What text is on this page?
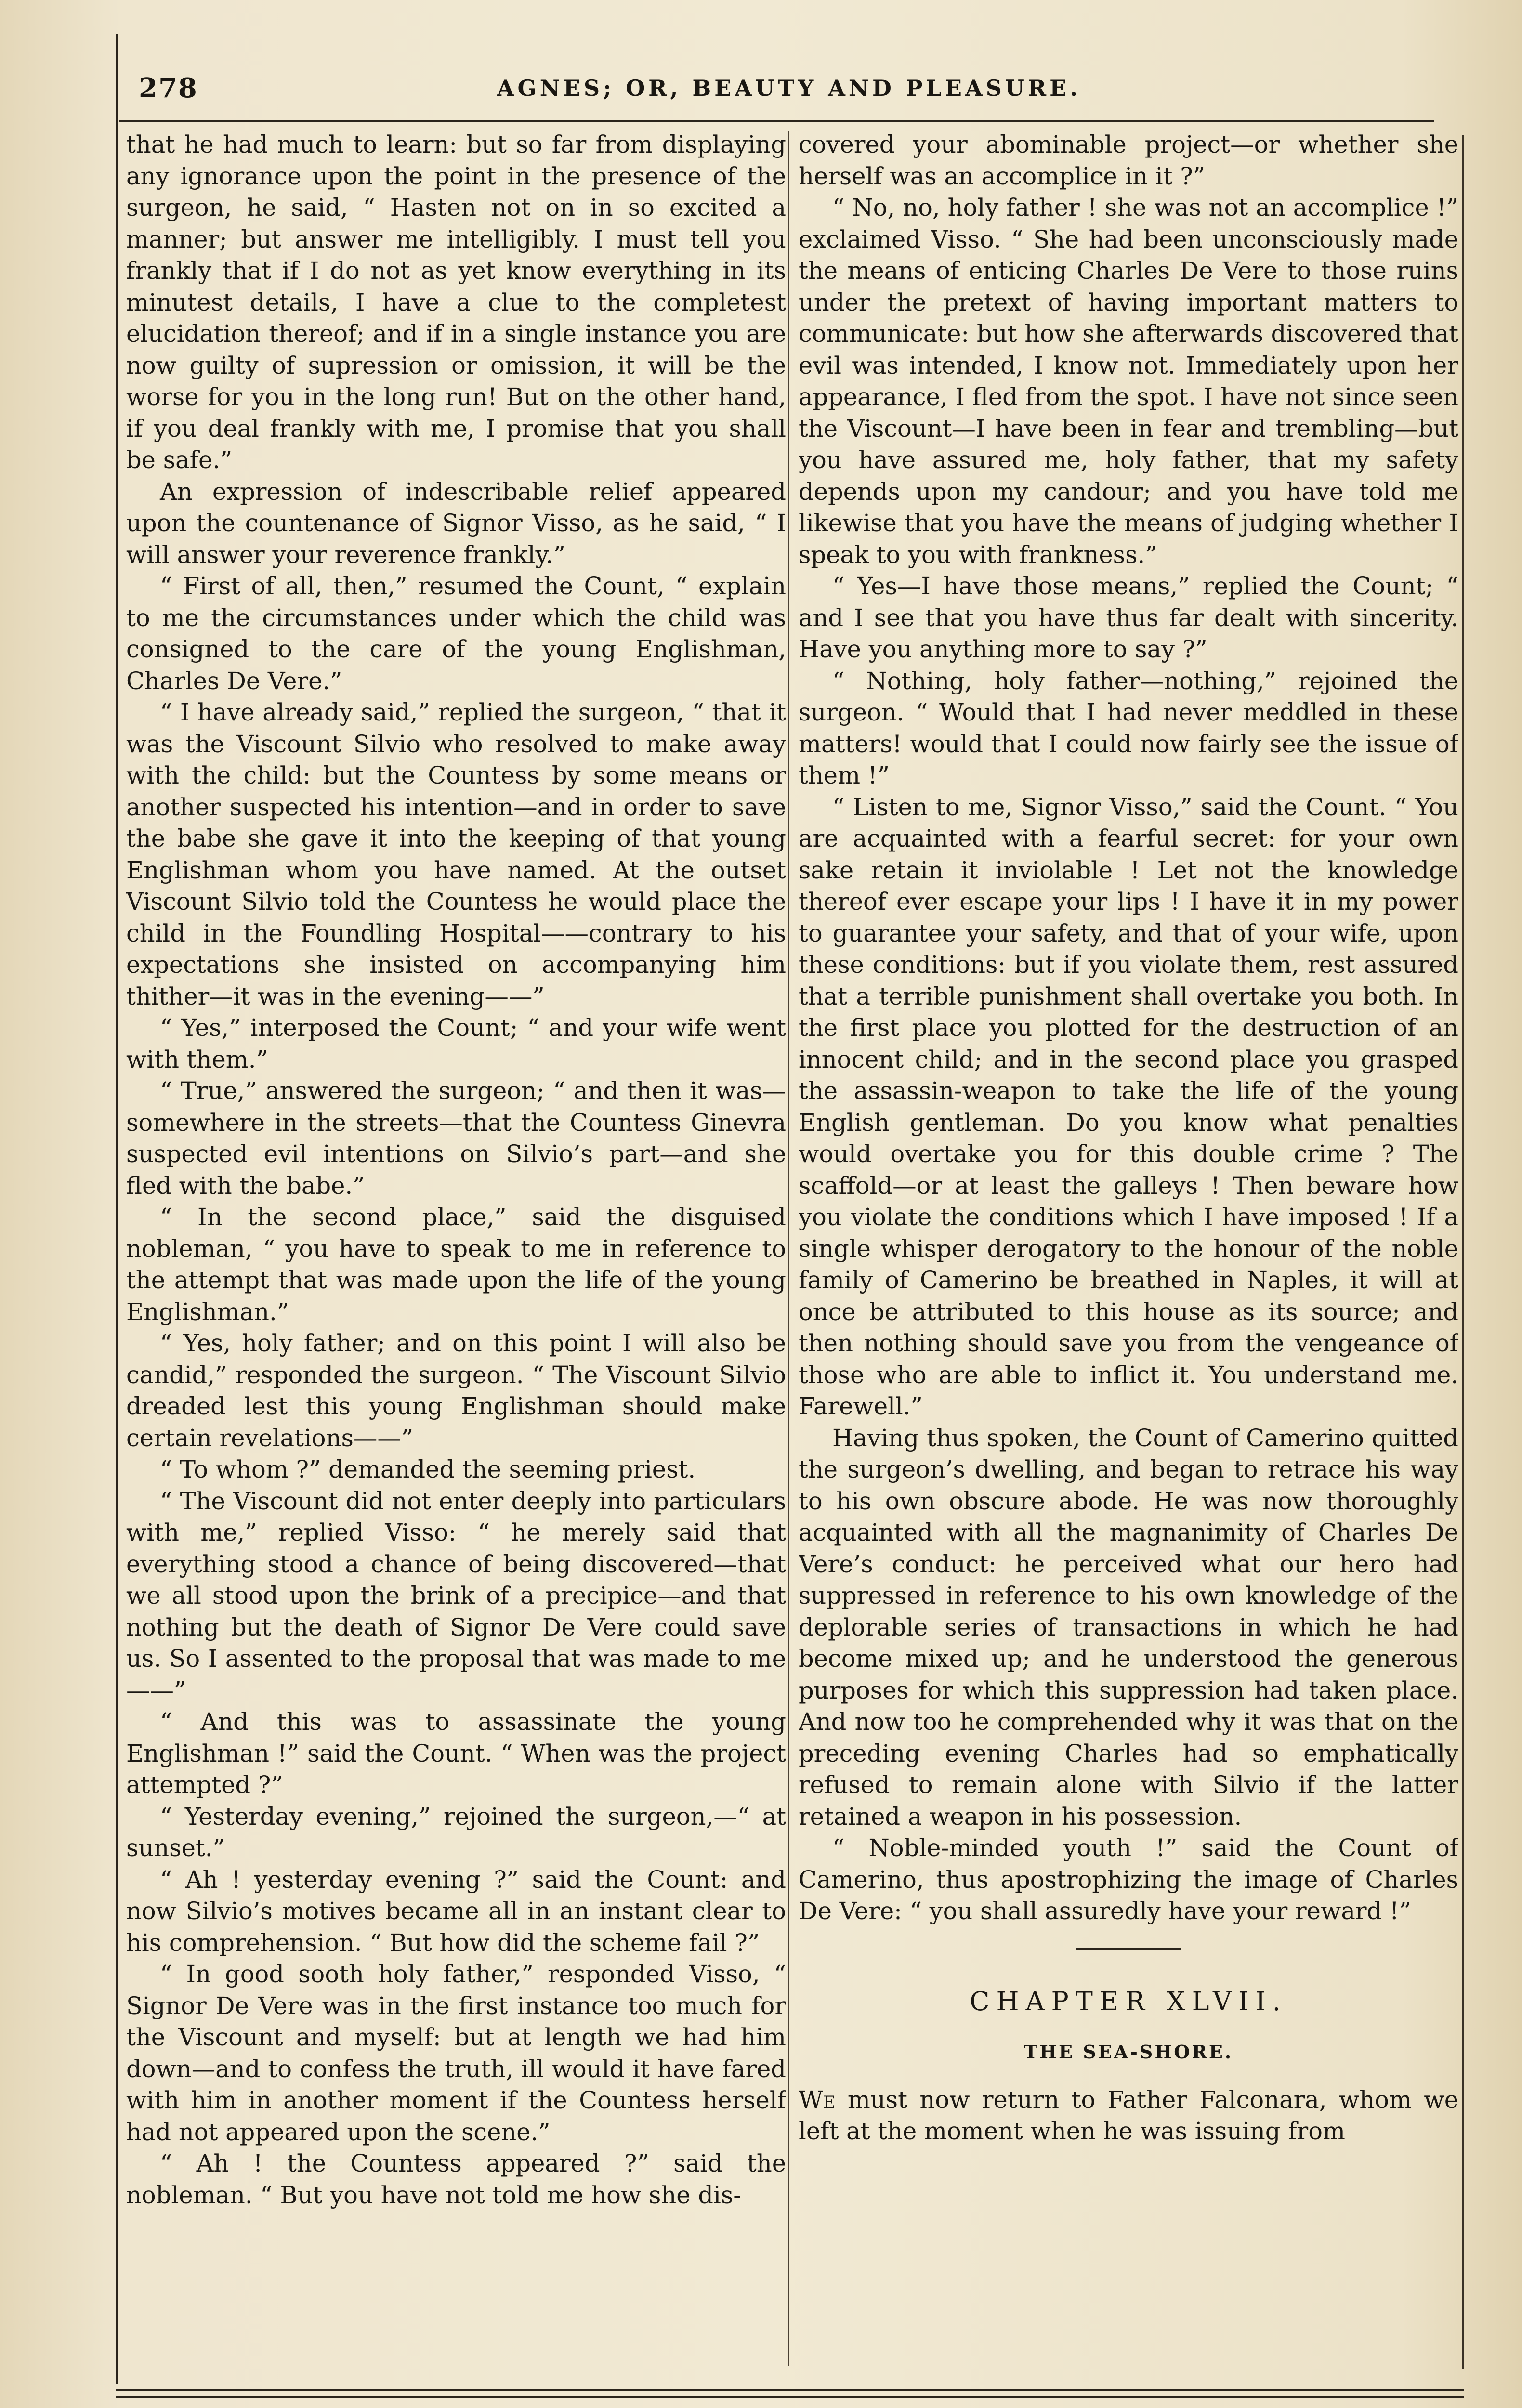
278	AGNES; OR, BEAUTY AND PLEASURE.

that he had much to learn: but so far from displaying any ignorance upon the point in the presence of the surgeon, he said, “ Hasten not on in so excited a manner; but answer me intelligibly. I must tell you frankly that if I do not as yet know everything in its minutest details, I have a clue to the completest elucidation thereof; and if in a single instance you are now guilty of supression or omission, it will be the worse for you in the long run! But on the other hand, if you deal frankly with me, I promise that you shall be safe.”

An expression of indescribable relief appeared upon the countenance of Signor Visso, as he said, “ I will answer your reverence frankly.”

“ First of all, then,” resumed the Count, “ explain to me the circumstances under which the child was consigned to the care of the young Englishman, Charles De Vere.”

“ I have already said,” replied the surgeon, “ that it was the Viscount Silvio who resolved to make away with the child: but the Countess by some means or another suspected his intention—and in order to save the babe she gave it into the keeping of that young Englishman whom you have named. At the outset Viscount Silvio told the Countess he would place the child in the Foundling Hospital——contrary to his expectations she insisted on accompanying him thither—it was in the evening——”

“ Yes,” interposed the Count; “ and your wife went with them.”

“ True,” answered the surgeon; “ and then it was—somewhere in the streets—that the Countess Ginevra suspected evil intentions on Silvio’s part—and she fled with the babe.”

“ In the second place,” said the disguised nobleman, “ you have to speak to me in reference to the attempt that was made upon the life of the young Englishman.”

“ Yes, holy father; and on this point I will also be candid,” responded the surgeon. “ The Viscount Silvio dreaded lest this young Englishman should make certain revelations——”

“ To whom ?” demanded the seeming priest.

“ The Viscount did not enter deeply into particulars with me,” replied Visso: “ he merely said that everything stood a chance of being discovered—that we all stood upon the brink of a precipice—and that nothing but the death of Signor De Vere could save us. So I assented to the proposal that was made to me——”

“ And this was to assassinate the young Englishman !” said the Count. “ When was the project attempted ?”

“ Yesterday evening,” rejoined the surgeon,—“ at sunset.”

“ Ah ! yesterday evening ?” said the Count: and now Silvio’s motives became all in an instant clear to his comprehension. “ But how did the scheme fail ?”

“ In good sooth holy father,” responded Visso, “ Signor De Vere was in the first instance too much for the Viscount and myself: but at length we had him down—and to confess the truth, ill would it have fared with him in another moment if the Countess herself had not appeared upon the scene.”

“ Ah ! the Countess appeared ?” said the nobleman. “ But you have not told me how she dis-

covered your abominable project—or whether she herself was an accomplice in it ?”

“ No, no, holy father ! she was not an accomplice !” exclaimed Visso. “ She had been unconsciously made the means of enticing Charles De Vere to those ruins under the pretext of having important matters to communicate: but how she afterwards discovered that evil was intended, I know not. Immediately upon her appearance, I fled from the spot. I have not since seen the Viscount—I have been in fear and trembling—but you have assured me, holy father, that my safety depends upon my candour; and you have told me likewise that you have the means of judging whether I speak to you with frankness.”

“ Yes—I have those means,” replied the Count; “ and I see that you have thus far dealt with sincerity. Have you anything more to say ?”

“ Nothing, holy father—nothing,” rejoined the surgeon. “ Would that I had never meddled in these matters! would that I could now fairly see the issue of them !”

“ Listen to me, Signor Visso,” said the Count. “ You are acquainted with a fearful secret: for your own sake retain it inviolable ! Let not the knowledge thereof ever escape your lips ! I have it in my power to guarantee your safety, and that of your wife, upon these conditions: but if you violate them, rest assured that a terrible punishment shall overtake you both. In the first place you plotted for the destruction of an innocent child; and in the second place you grasped the assassin-weapon to take the life of the young English gentleman. Do you know what penalties would overtake you for this double crime ? The scaffold—or at least the galleys ! Then beware how you violate the conditions which I have imposed ! If a single whisper derogatory to the honour of the noble family of Camerino be breathed in Naples, it will at once be attributed to this house as its source; and then nothing should save you from the vengeance of those who are able to inflict it. You understand me. Farewell.”

Having thus spoken, the Count of Camerino quitted the surgeon’s dwelling, and began to retrace his way to his own obscure abode. He was now thoroughly acquainted with all the magnanimity of Charles De Vere’s conduct: he perceived what our hero had suppressed in reference to his own knowledge of the deplorable series of transactions in which he had become mixed up; and he understood the generous purposes for which this suppression had taken place. And now too he comprehended why it was that on the preceding evening Charles had so emphatically refused to remain alone with Silvio if the latter retained a weapon in his possession.

“ Noble-minded youth !” said the Count of Camerino, thus apostrophizing the image of Charles De Vere: “ you shall assuredly have your reward !”

CHAPTER XLVII.

THE SEA-SHORE.

We must now return to Father Falconara, whom we left at the moment when he was issuing from
